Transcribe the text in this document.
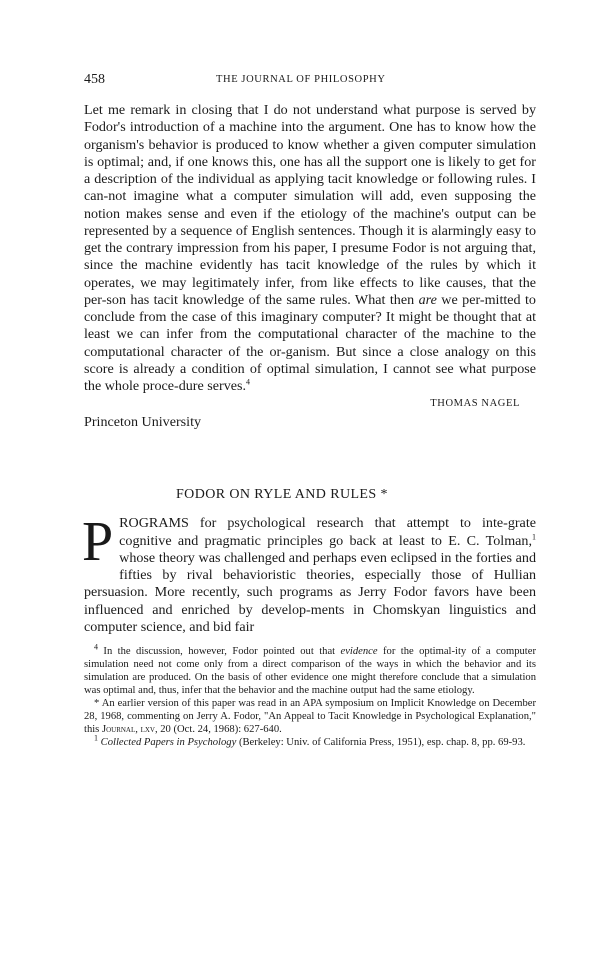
458	THE JOURNAL OF PHILOSOPHY

Let me remark in closing that I do not understand what purpose is served by Fodor's introduction of a machine into the argument. One has to know how the organism's behavior is produced to know whether a given computer simulation is optimal; and, if one knows this, one has all the support one is likely to get for a description of the individual as applying tacit knowledge or following rules. I can-not imagine what a computer simulation will add, even supposing the notion makes sense and even if the etiology of the machine's output can be represented by a sequence of English sentences. Though it is alarmingly easy to get the contrary impression from his paper, I presume Fodor is not arguing that, since the machine evidently has tacit knowledge of the rules by which it operates, we may legitimately infer, from like effects to like causes, that the per-son has tacit knowledge of the same rules. What then are we per-mitted to conclude from the case of this imaginary computer? It might be thought that at least we can infer from the computational character of the machine to the computational character of the or-ganism. But since a close analogy on this score is already a condition of optimal simulation, I cannot see what purpose the whole proce-dure serves.$^4$

THOMAS NAGEL
Princeton University
FODOR ON RYLE AND RULES *
PROGRAMS for psychological research that attempt to inte-grate cognitive and pragmatic principles go back at least to E. C. Tolman,$^1$ whose theory was challenged and perhaps even eclipsed in the forties and fifties by rival behavioristic theories, especially those of Hullian persuasion. More recently, such programs as Jerry Fodor favors have been influenced and enriched by develop-ments in Chomskyan linguistics and computer science, and bid fair

$^4$ In the discussion, however, Fodor pointed out that evidence for the optimal-ity of a computer simulation need not come only from a direct comparison of the ways in which the behavior and its simulation are produced. On the basis of other evidence one might therefore conclude that a simulation was optimal and, thus, infer that the behavior and the machine output had the same etiology.

* An earlier version of this paper was read in an APA symposium on Implicit Knowledge on December 28, 1968, commenting on Jerry A. Fodor, "An Appeal to Tacit Knowledge in Psychological Explanation," this Journal, lxv, 20 (Oct. 24, 1968): 627-640.

$^1$ Collected Papers in Psychology (Berkeley: Univ. of California Press, 1951), esp. chap. 8, pp. 69-93.
